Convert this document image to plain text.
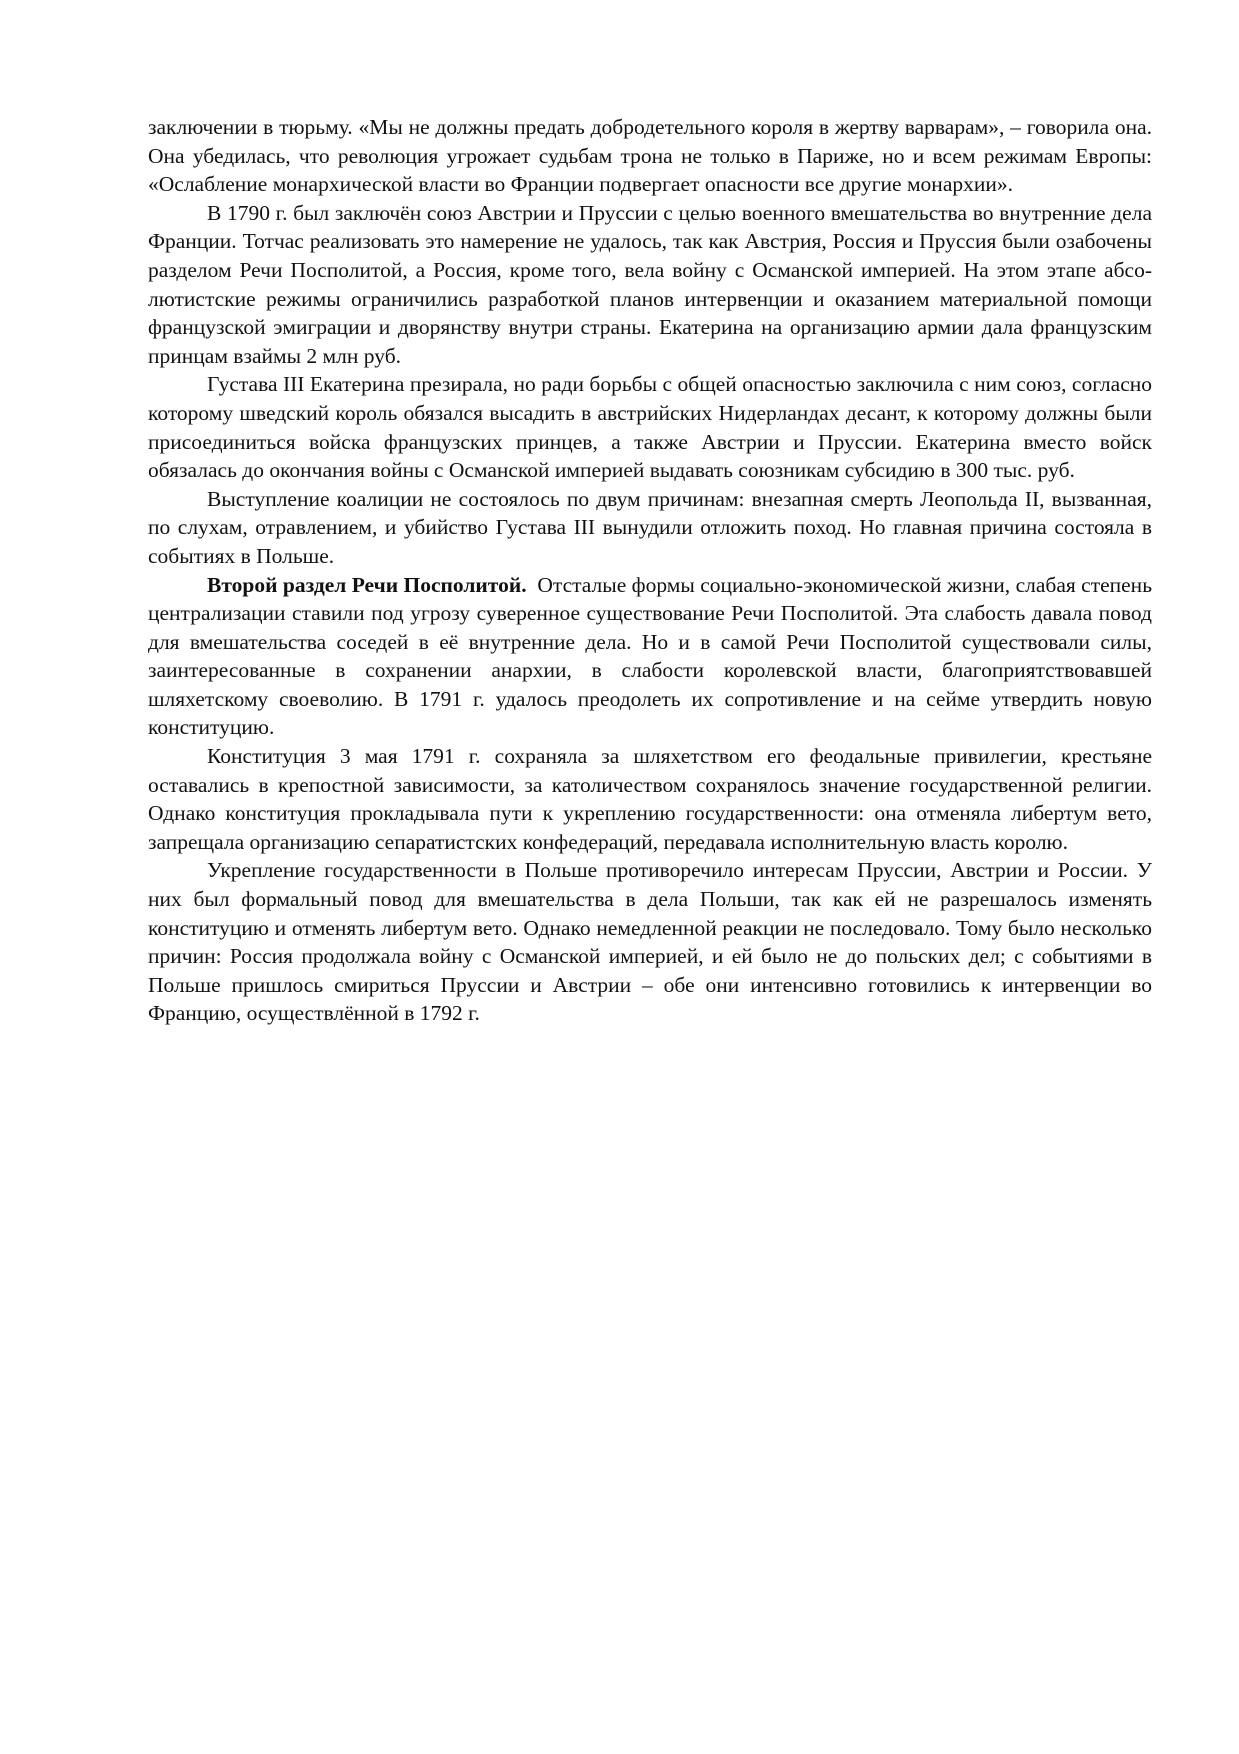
заключении в тюрьму. «Мы не должны предать добродетельного короля в жертву варварам», – говорила она. Она убедилась, что революция угрожает судьбам трона не только в Париже, но и всем режимам Европы: «Ослабление монархической власти во Франции подвергает опасности все другие монархии».

В 1790 г. был заключён союз Австрии и Пруссии с целью военного вмешательства во внутренние дела Франции. Тотчас реализовать это намерение не удалось, так как Австрия, Россия и Пруссия были озабочены разделом Речи Посполитой, а Россия, кроме того, вела войну с Османской империей. На этом этапе абсо-лютистские режимы ограничились разработкой планов интервенции и оказанием материальной помощи французской эмиграции и дворянству внутри страны. Екатерина на организацию армии дала французским принцам взаймы 2 млн руб.

Густава III Екатерина презирала, но ради борьбы с общей опасностью заключила с ним союз, согласно которому шведский король обязался высадить в австрийских Нидерландах десант, к которому должны были присоединиться войска французских принцев, а также Австрии и Пруссии. Екатерина вместо войск обязалась до окончания войны с Османской империей выдавать союзникам субсидию в 300 тыс. руб.

Выступление коалиции не состоялось по двум причинам: внезапная смерть Леопольда II, вызванная, по слухам, отравлением, и убийство Густава III вынудили отложить поход. Но главная причина состояла в событиях в Польше.

Второй раздел Речи Посполитой. Отсталые формы социально-экономической жизни, слабая степень централизации ставили под угрозу суверенное существование Речи Посполитой. Эта слабость давала повод для вмешательства соседей в её внутренние дела. Но и в самой Речи Посполитой существовали силы, заинтересованные в сохранении анархии, в слабости королевской власти, благоприятствовавшей шляхетскому своеволию. В 1791 г. удалось преодолеть их сопротивление и на сейме утвердить новую конституцию.

Конституция 3 мая 1791 г. сохраняла за шляхетством его феодальные привилегии, крестьяне оставались в крепостной зависимости, за католичеством сохранялось значение государственной религии. Однако конституция прокладывала пути к укреплению государственности: она отменяла либертум вето, запрещала организацию сепаратистских конфедераций, передавала исполнительную власть королю.

Укрепление государственности в Польше противоречило интересам Пруссии, Австрии и России. У них был формальный повод для вмешательства в дела Польши, так как ей не разрешалось изменять конституцию и отменять либертум вето. Однако немедленной реакции не последовало. Тому было несколько причин: Россия продолжала войну с Османской империей, и ей было не до польских дел; с событиями в Польше пришлось смириться Пруссии и Австрии – обе они интенсивно готовились к интервенции во Францию, осуществлённой в 1792 г.
